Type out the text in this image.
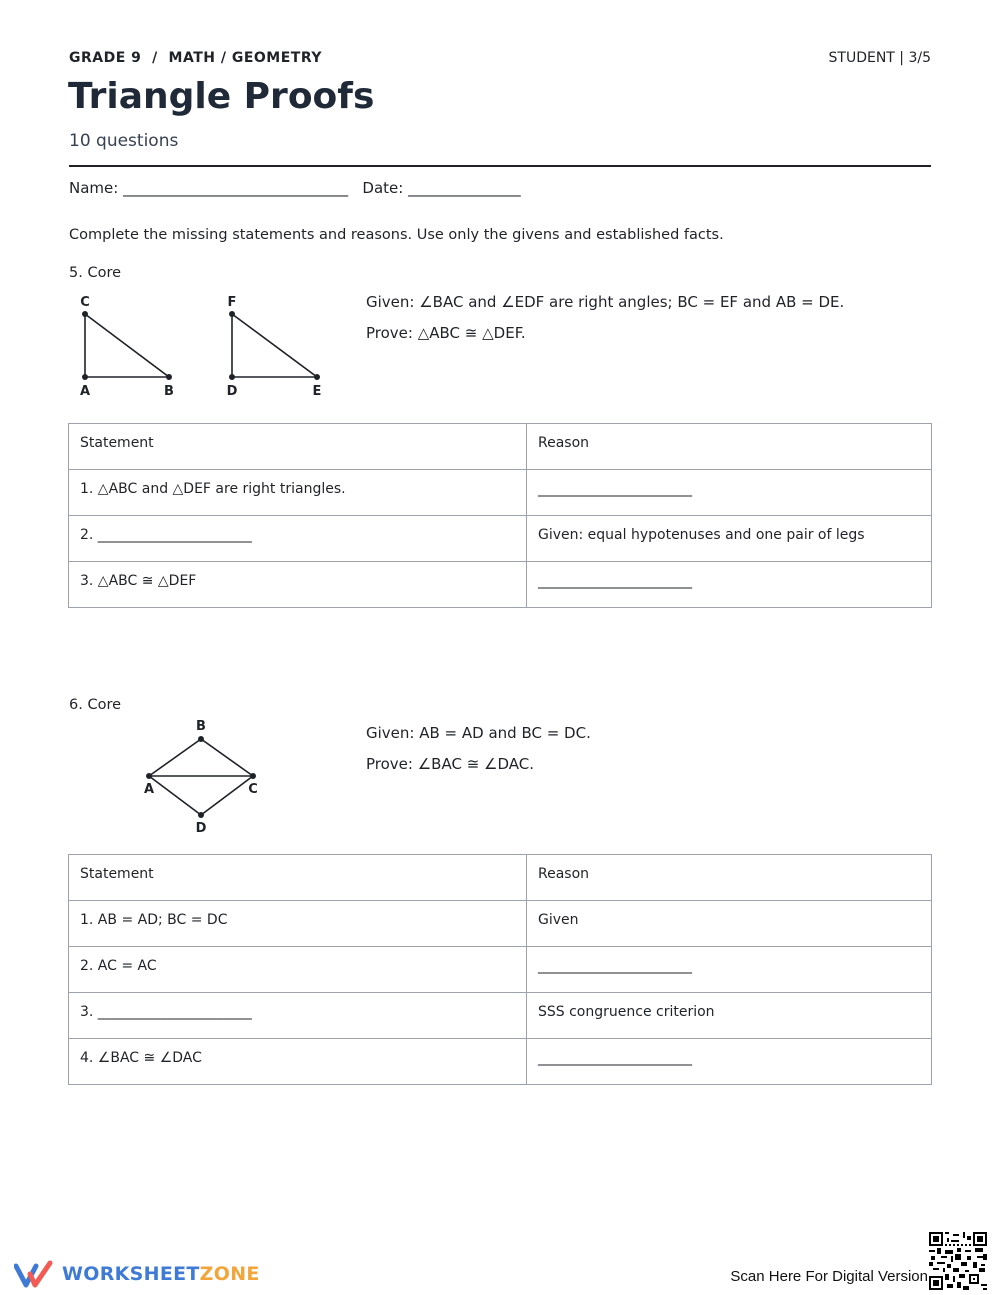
GRADE 9  /  MATH / GEOMETRY	STUDENT | 3/5
Triangle Proofs
10 questions
Name: ______________________________ Date: _______________
Complete the missing statements and reasons. Use only the givens and established facts.
5. Core
C
A	B
F
D	E
Given: ∠BAC and ∠EDF are right angles; BC = EF and AB = DE.
Prove: △ABC ≅ △DEF.
Statement	Reason
1. △ABC and △DEF are right triangles.	______________________
2. ______________________	Given: equal hypotenuses and one pair of legs
3. △ABC ≅ △DEF	______________________
6. Core
B
A	C
D
Given: AB = AD and BC = DC.
Prove: ∠BAC ≅ ∠DAC.
Statement	Reason
1. AB = AD; BC = DC	Given
2. AC = AC	______________________
3. ______________________	SSS congruence criterion
4. ∠BAC ≅ ∠DAC	______________________
WORKSHEETZONE	Scan Here For Digital Version
